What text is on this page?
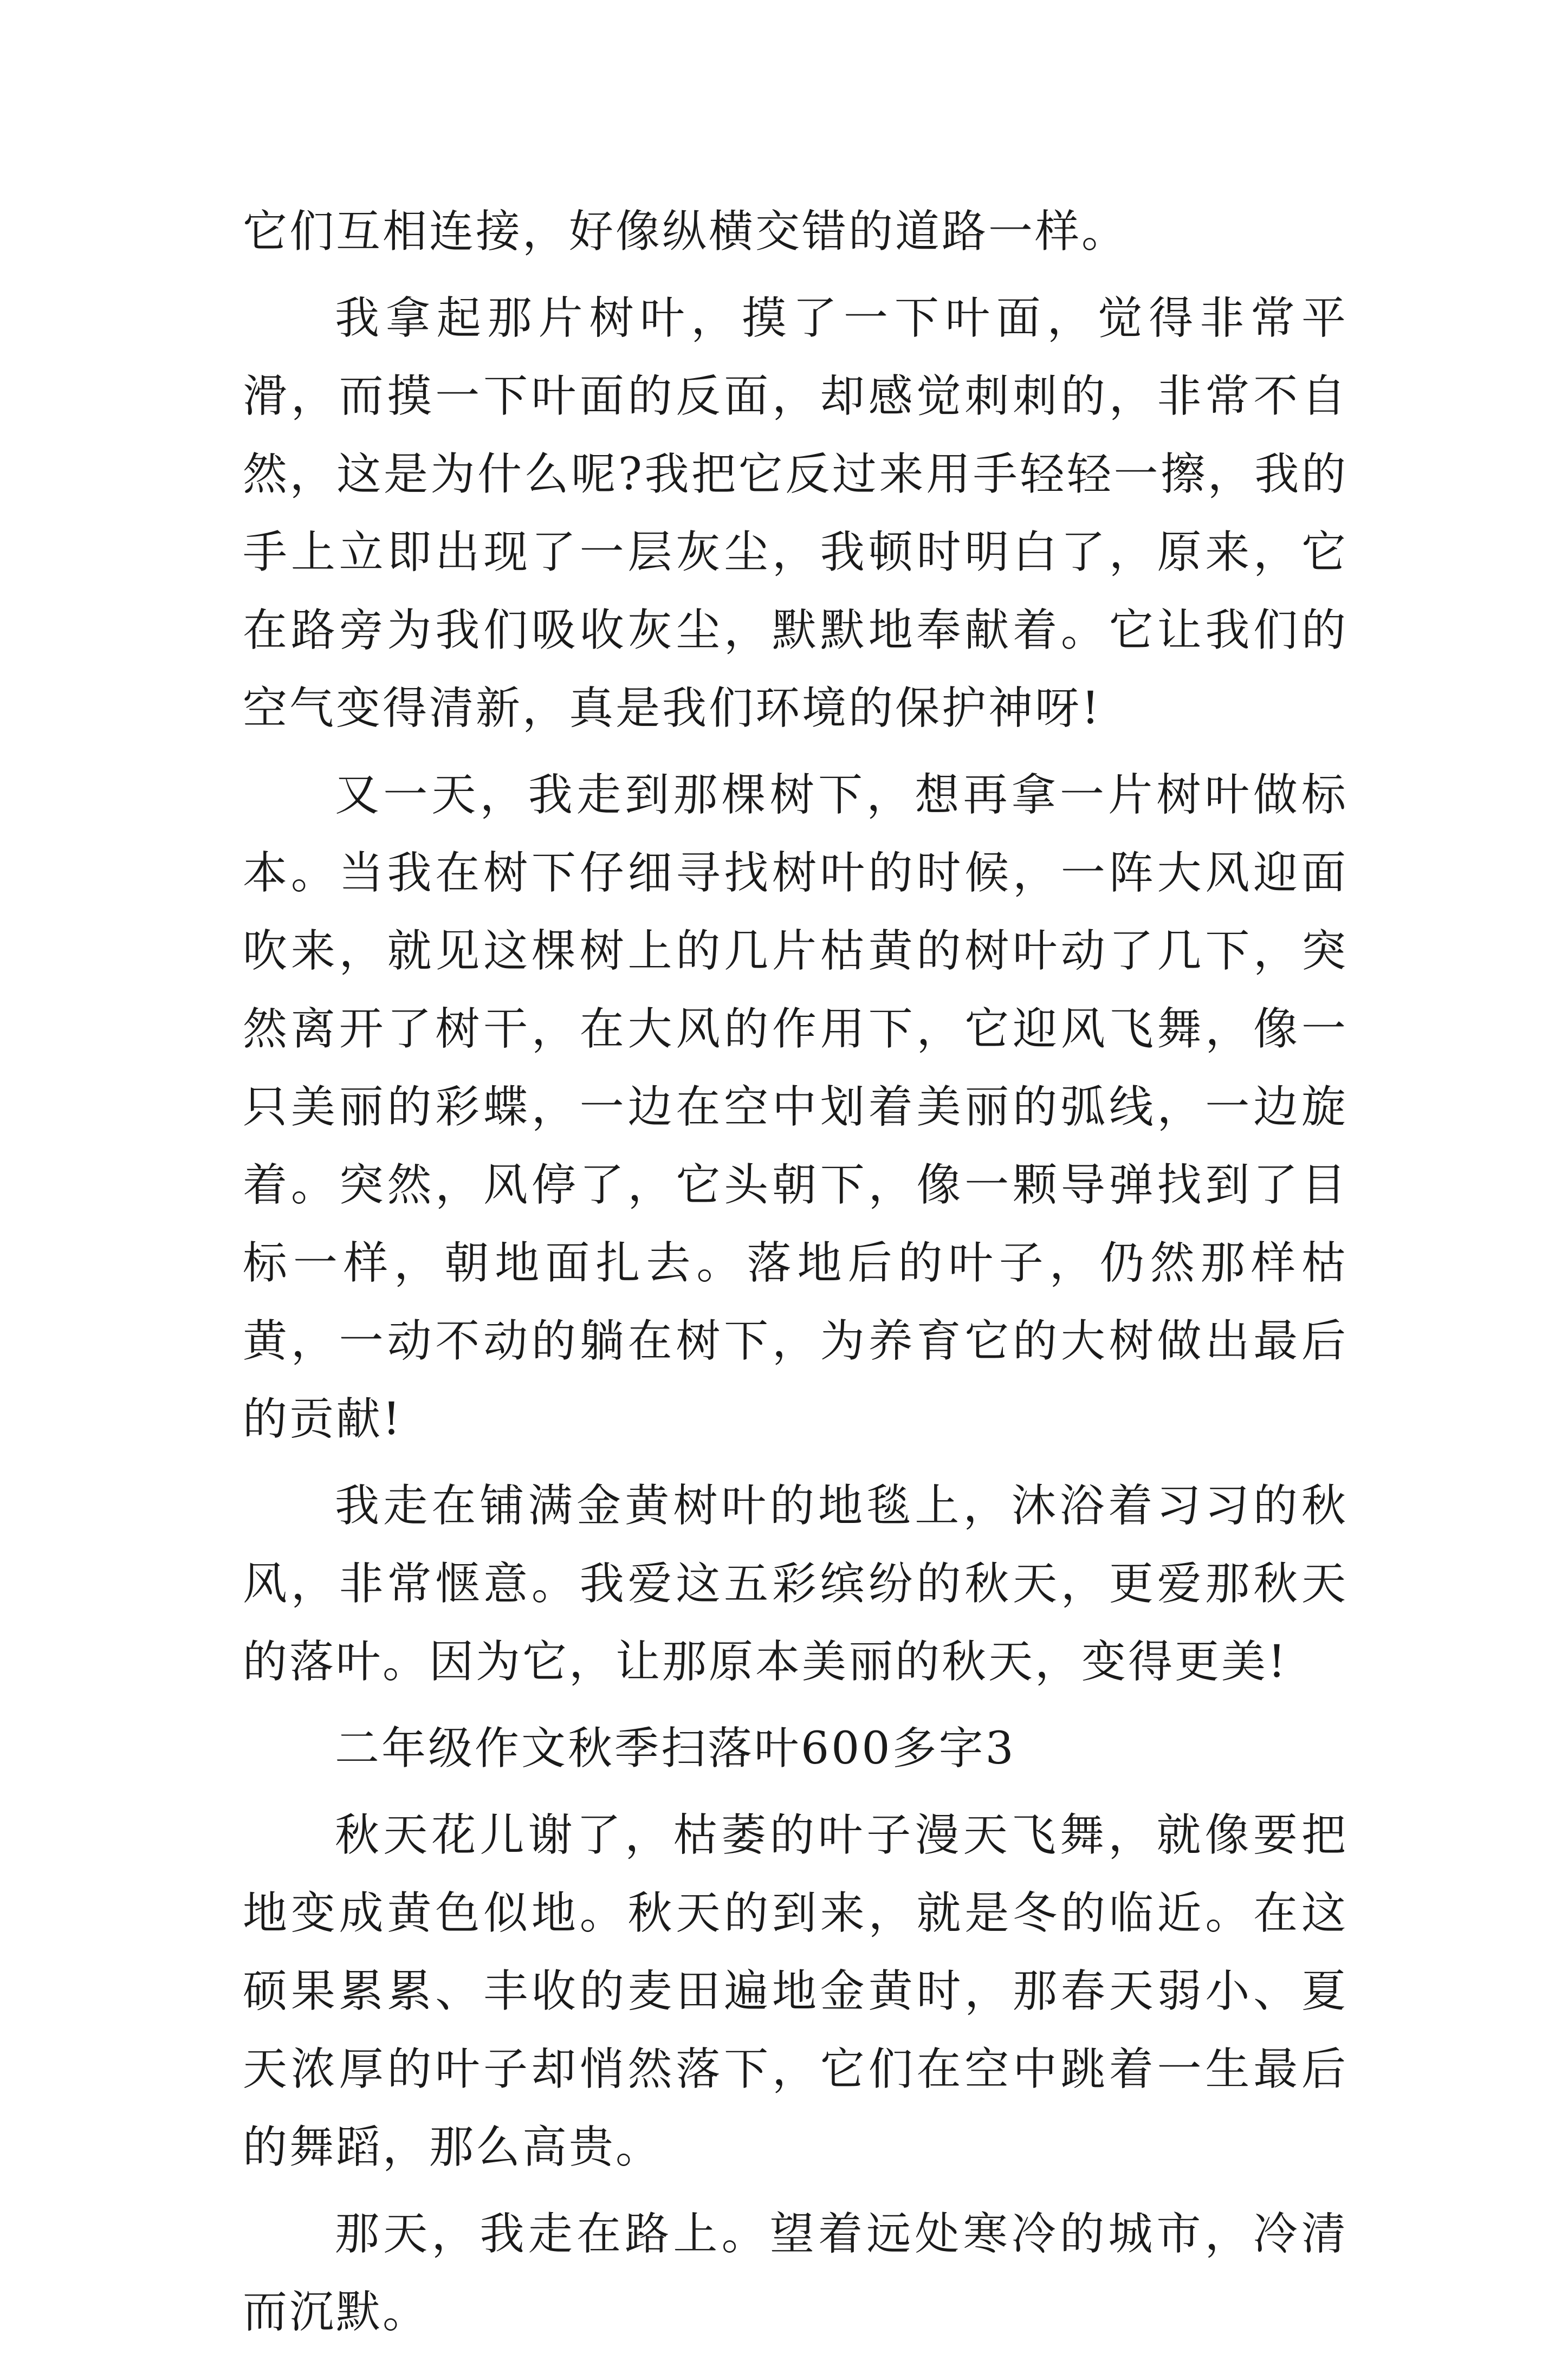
它们互相连接，好像纵横交错的道路一样。

我拿起那片树叶，摸了一下叶面，觉得非常平滑，而摸一下叶面的反面，却感觉刺刺的，非常不自然，这是为什么呢?我把它反过来用手轻轻一擦，我的手上立即出现了一层灰尘，我顿时明白了，原来，它在路旁为我们吸收灰尘，默默地奉献着。它让我们的空气变得清新，真是我们环境的保护神呀!

又一天，我走到那棵树下，想再拿一片树叶做标本。当我在树下仔细寻找树叶的时候，一阵大风迎面吹来，就见这棵树上的几片枯黄的树叶动了几下，突然离开了树干，在大风的作用下，它迎风飞舞，像一只美丽的彩蝶，一边在空中划着美丽的弧线，一边旋着。突然，风停了，它头朝下，像一颗导弹找到了目标一样，朝地面扎去。落地后的叶子，仍然那样枯黄，一动不动的躺在树下，为养育它的大树做出最后的贡献!

我走在铺满金黄树叶的地毯上，沐浴着习习的秋风，非常惬意。我爱这五彩缤纷的秋天，更爱那秋天的落叶。因为它，让那原本美丽的秋天，变得更美!

二年级作文秋季扫落叶600多字3

秋天花儿谢了，枯萎的叶子漫天飞舞，就像要把地变成黄色似地。秋天的到来，就是冬的临近。在这硕果累累、丰收的麦田遍地金黄时，那春天弱小、夏天浓厚的叶子却悄然落下，它们在空中跳着一生最后的舞蹈，那么高贵。

那天，我走在路上。望着远处寒冷的城市，冷清而沉默。
